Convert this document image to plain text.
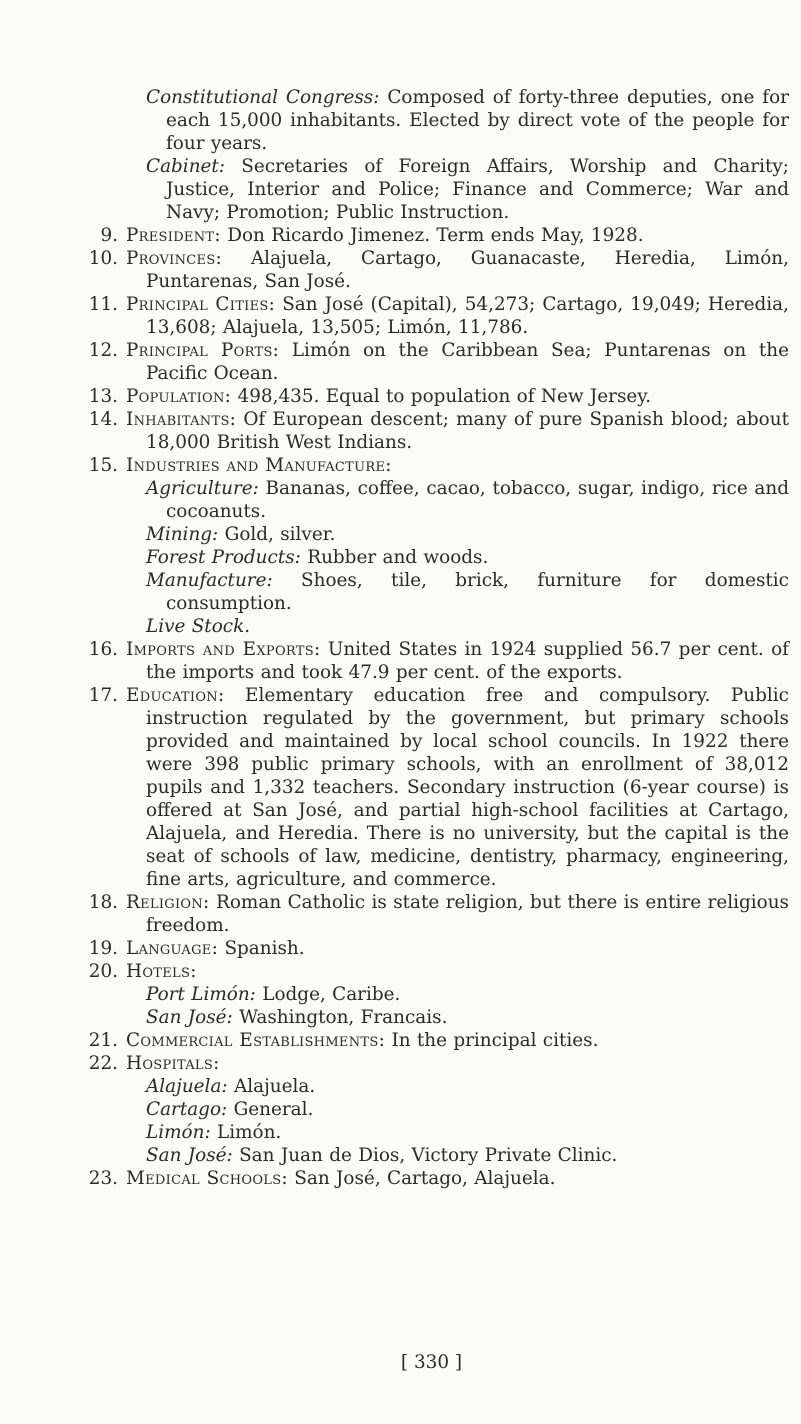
Constitutional Congress: Composed of forty-three deputies, one for each 15,000 inhabitants. Elected by direct vote of the people for four years.

Cabinet: Secretaries of Foreign Affairs, Worship and Charity; Justice, Interior and Police; Finance and Commerce; War and Navy; Promotion; Public Instruction.

9. President: Don Ricardo Jimenez. Term ends May, 1928.

10. Provinces: Alajuela, Cartago, Guanacaste, Heredia, Limón, Puntarenas, San José.

11. Principal Cities: San José (Capital), 54,273; Cartago, 19,049; Heredia, 13,608; Alajuela, 13,505; Limón, 11,786.

12. Principal Ports: Limón on the Caribbean Sea; Puntarenas on the Pacific Ocean.

13. Population: 498,435. Equal to population of New Jersey.

14. Inhabitants: Of European descent; many of pure Spanish blood; about 18,000 British West Indians.

15. Industries and Manufacture:

Agriculture: Bananas, coffee, cacao, tobacco, sugar, indigo, rice and cocoanuts.

Mining: Gold, silver.

Forest Products: Rubber and woods.

Manufacture: Shoes, tile, brick, furniture for domestic consumption.

Live Stock.

16. Imports and Exports: United States in 1924 supplied 56.7 per cent. of the imports and took 47.9 per cent. of the exports.

17. Education: Elementary education free and compulsory. Public instruction regulated by the government, but primary schools provided and maintained by local school councils. In 1922 there were 398 public primary schools, with an enrollment of 38,012 pupils and 1,332 teachers. Secondary instruction (6-year course) is offered at San José, and partial high-school facilities at Cartago, Alajuela, and Heredia. There is no university, but the capital is the seat of schools of law, medicine, dentistry, pharmacy, engineering, fine arts, agriculture, and commerce.

18. Religion: Roman Catholic is state religion, but there is entire religious freedom.

19. Language: Spanish.

20. Hotels:

Port Limón: Lodge, Caribe.

San José: Washington, Francais.

21. Commercial Establishments: In the principal cities.

22. Hospitals:

Alajuela: Alajuela.

Cartago: General.

Limón: Limón.

San José: San Juan de Dios, Victory Private Clinic.

23. Medical Schools: San José, Cartago, Alajuela.

[ 330 ]
